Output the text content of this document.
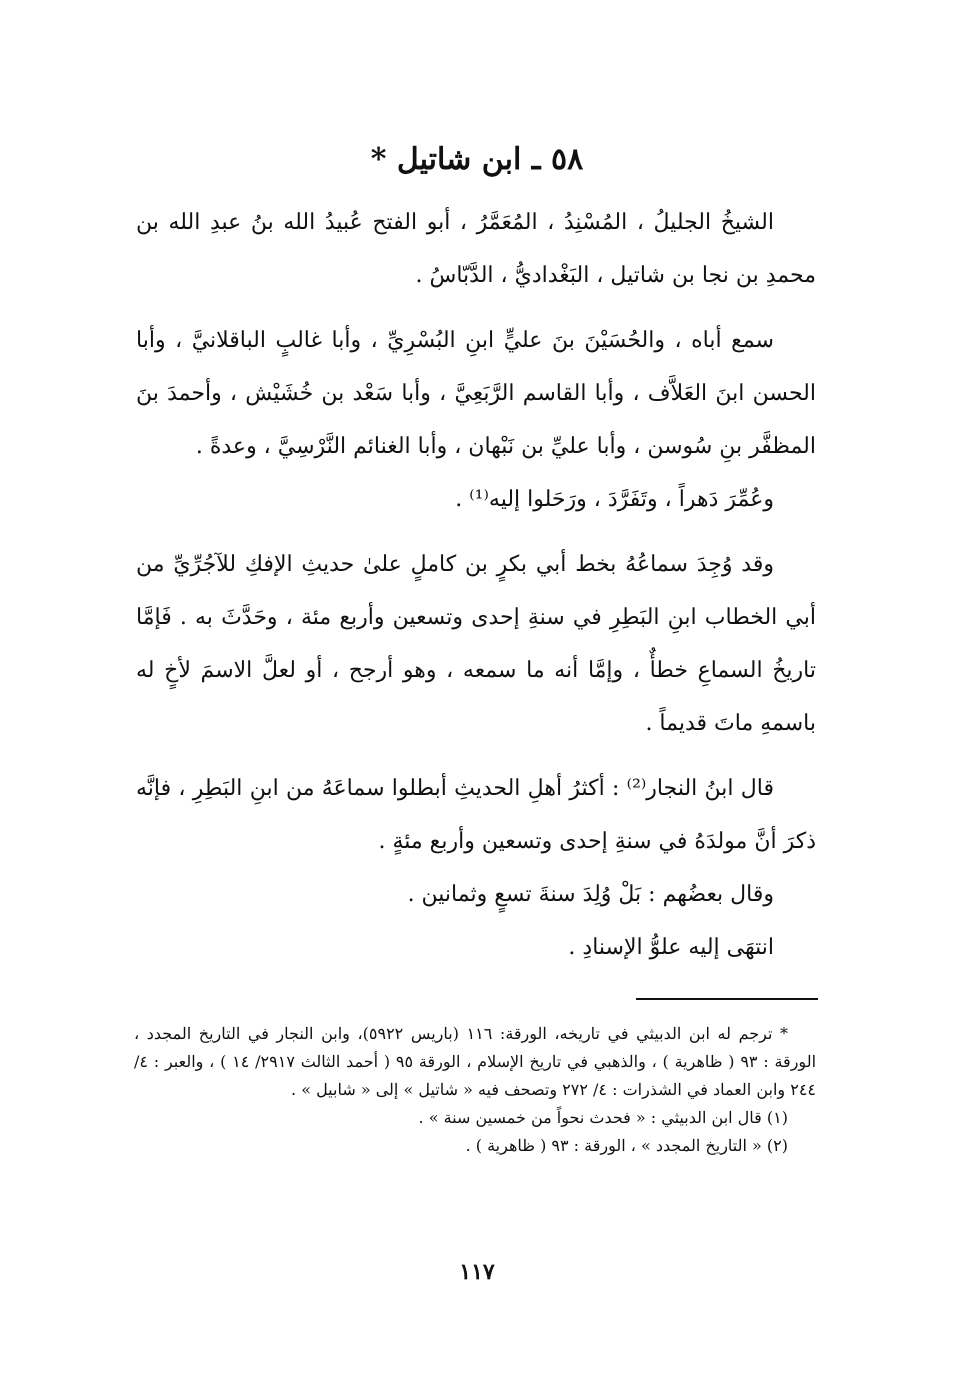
٥٨ ـ ابن شاتيل *

الشيخُ الجليلُ ، المُسْنِدُ ، المُعَمَّرُ ، أبو الفتح عُبيدُ الله بنُ عبدِ الله بن محمدِ بن نجا بن شاتيل ، البَغْداديُّ ، الدَّبّاسُ .

سمع أباه ، والحُسَيْنَ بنَ عليٍّ ابنِ البُسْرِيِّ ، وأبا غالبٍ الباقلانيَّ ، وأبا الحسن ابنَ العَلاَّف ، وأبا القاسم الرَّبَعِيَّ ، وأبا سَعْد بن خُشَيْش ، وأحمدَ بنَ المظفَّر بنِ سُوسن ، وأبا عليِّ بن نَبْهان ، وأبا الغنائم النَّرْسِيَّ ، وعدةً .

وعُمِّرَ دَهراً ، وتَفَرَّدَ ، ورَحَلوا إليه⁽¹⁾ .

وقد وُجِدَ سماعُهُ بخط أبي بكرٍ بن كاملٍ علىٰ حديثِ الإفكِ للآجُرِّيِّ من أبي الخطاب ابنِ البَطِرِ في سنةِ إحدى وتسعين وأربع مئة ، وحَدَّثَ به . فَإمَّا تاريخُ السماعِ خطأٌ ، وإمَّا أنه ما سمعه ، وهو أرجح ، أو لعلَّ الاسمَ لأخٍ له باسمهِ ماتَ قديماً .

قال ابنُ النجار⁽²⁾ : أكثرُ أهلِ الحديثِ أبطلوا سماعَهُ من ابنِ البَطِرِ ، فإنَّه ذكرَ أنَّ مولدَهُ في سنةِ إحدى وتسعين وأربع مئةٍ .

وقال بعضُهم : بَلْ وُلِدَ سنةَ تسعٍ وثمانين .

انتهَى إليه علوُّ الإسنادِ .

* ترجم له ابن الدبيثي في تاريخه، الورقة: ١١٦ (باريس ٥٩٢٢)، وابن النجار في التاريخ المجدد ، الورقة : ٩٣ ( ظاهرية ) ، والذهبي في تاريخ الإسلام ، الورقة ٩٥ ( أحمد الثالث ٢٩١٧/ ١٤ ) ، والعبر : ٤/ ٢٤٤ وابن العماد في الشذرات : ٤/ ٢٧٢ وتصحف فيه « شاتيل » إلى « شابيل » .

(١) قال ابن الدبيثي : « فحدث نحواً من خمسين سنة » .

(٢) « التاريخ المجدد » ، الورقة : ٩٣ ( ظاهرية ) .

١١٧
